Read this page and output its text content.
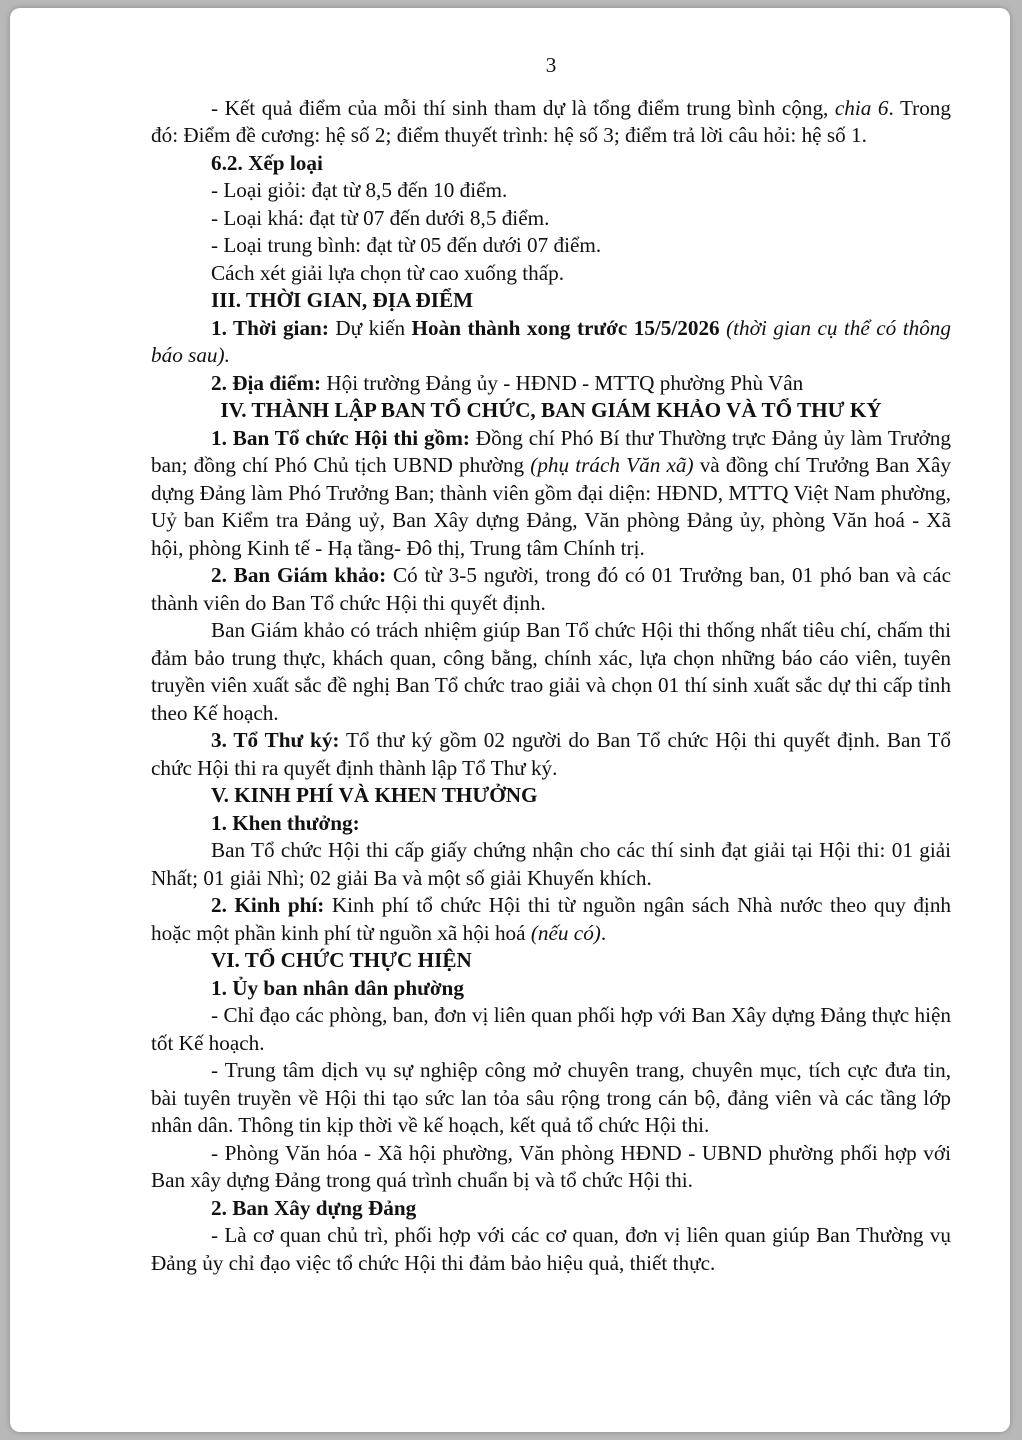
3

- Kết quả điểm của mỗi thí sinh tham dự là tổng điểm trung bình cộng, chia 6. Trong đó: Điểm đề cương: hệ số 2; điểm thuyết trình: hệ số 3; điểm trả lời câu hỏi: hệ số 1.

6.2. Xếp loại

- Loại giỏi: đạt từ 8,5 đến 10 điểm.

- Loại khá: đạt từ 07 đến dưới 8,5 điểm.

- Loại trung bình: đạt từ 05 đến dưới 07 điểm.

Cách xét giải lựa chọn từ cao xuống thấp.

III. THỜI GIAN, ĐỊA ĐIỂM

1. Thời gian: Dự kiến Hoàn thành xong trước 15/5/2026 (thời gian cụ thể có thông báo sau).

2. Địa điểm: Hội trường Đảng ủy - HĐND - MTTQ phường Phù Vân

IV. THÀNH LẬP BAN TỔ CHỨC, BAN GIÁM KHẢO VÀ TỔ THƯ KÝ

1. Ban Tổ chức Hội thi gồm: Đồng chí Phó Bí thư Thường trực Đảng ủy làm Trưởng ban; đồng chí Phó Chủ tịch UBND phường (phụ trách Văn xã) và đồng chí Trưởng Ban Xây dựng Đảng làm Phó Trưởng Ban; thành viên gồm đại diện: HĐND, MTTQ Việt Nam phường, Uỷ ban Kiểm tra Đảng uỷ, Ban Xây dựng Đảng, Văn phòng Đảng ủy, phòng Văn hoá - Xã hội, phòng Kinh tế - Hạ tầng- Đô thị, Trung tâm Chính trị.

2. Ban Giám khảo: Có từ 3-5 người, trong đó có 01 Trưởng ban, 01 phó ban và các thành viên do Ban Tổ chức Hội thi quyết định.

Ban Giám khảo có trách nhiệm giúp Ban Tổ chức Hội thi thống nhất tiêu chí, chấm thi đảm bảo trung thực, khách quan, công bằng, chính xác, lựa chọn những báo cáo viên, tuyên truyền viên xuất sắc đề nghị Ban Tổ chức trao giải và chọn 01 thí sinh xuất sắc dự thi cấp tỉnh theo Kế hoạch.

3. Tổ Thư ký: Tổ thư ký gồm 02 người do Ban Tổ chức Hội thi quyết định. Ban Tổ chức Hội thi ra quyết định thành lập Tổ Thư ký.

V. KINH PHÍ VÀ KHEN THƯỞNG

1. Khen thưởng:

Ban Tổ chức Hội thi cấp giấy chứng nhận cho các thí sinh đạt giải tại Hội thi: 01 giải Nhất; 01 giải Nhì; 02 giải Ba và một số giải Khuyến khích.

2. Kinh phí: Kinh phí tổ chức Hội thi từ nguồn ngân sách Nhà nước theo quy định hoặc một phần kinh phí từ nguồn xã hội hoá (nếu có).

VI. TỔ CHỨC THỰC HIỆN

1. Ủy ban nhân dân phường

- Chỉ đạo các phòng, ban, đơn vị liên quan phối hợp với Ban Xây dựng Đảng thực hiện tốt Kế hoạch.

- Trung tâm dịch vụ sự nghiệp công mở chuyên trang, chuyên mục, tích cực đưa tin, bài tuyên truyền về Hội thi tạo sức lan tỏa sâu rộng trong cán bộ, đảng viên và các tầng lớp nhân dân. Thông tin kịp thời về kế hoạch, kết quả tổ chức Hội thi.

- Phòng Văn hóa - Xã hội phường, Văn phòng HĐND - UBND phường phối hợp với Ban xây dựng Đảng trong quá trình chuẩn bị và tổ chức Hội thi.

2. Ban Xây dựng Đảng

- Là cơ quan chủ trì, phối hợp với các cơ quan, đơn vị liên quan giúp Ban Thường vụ Đảng ủy chỉ đạo việc tổ chức Hội thi đảm bảo hiệu quả, thiết thực.
